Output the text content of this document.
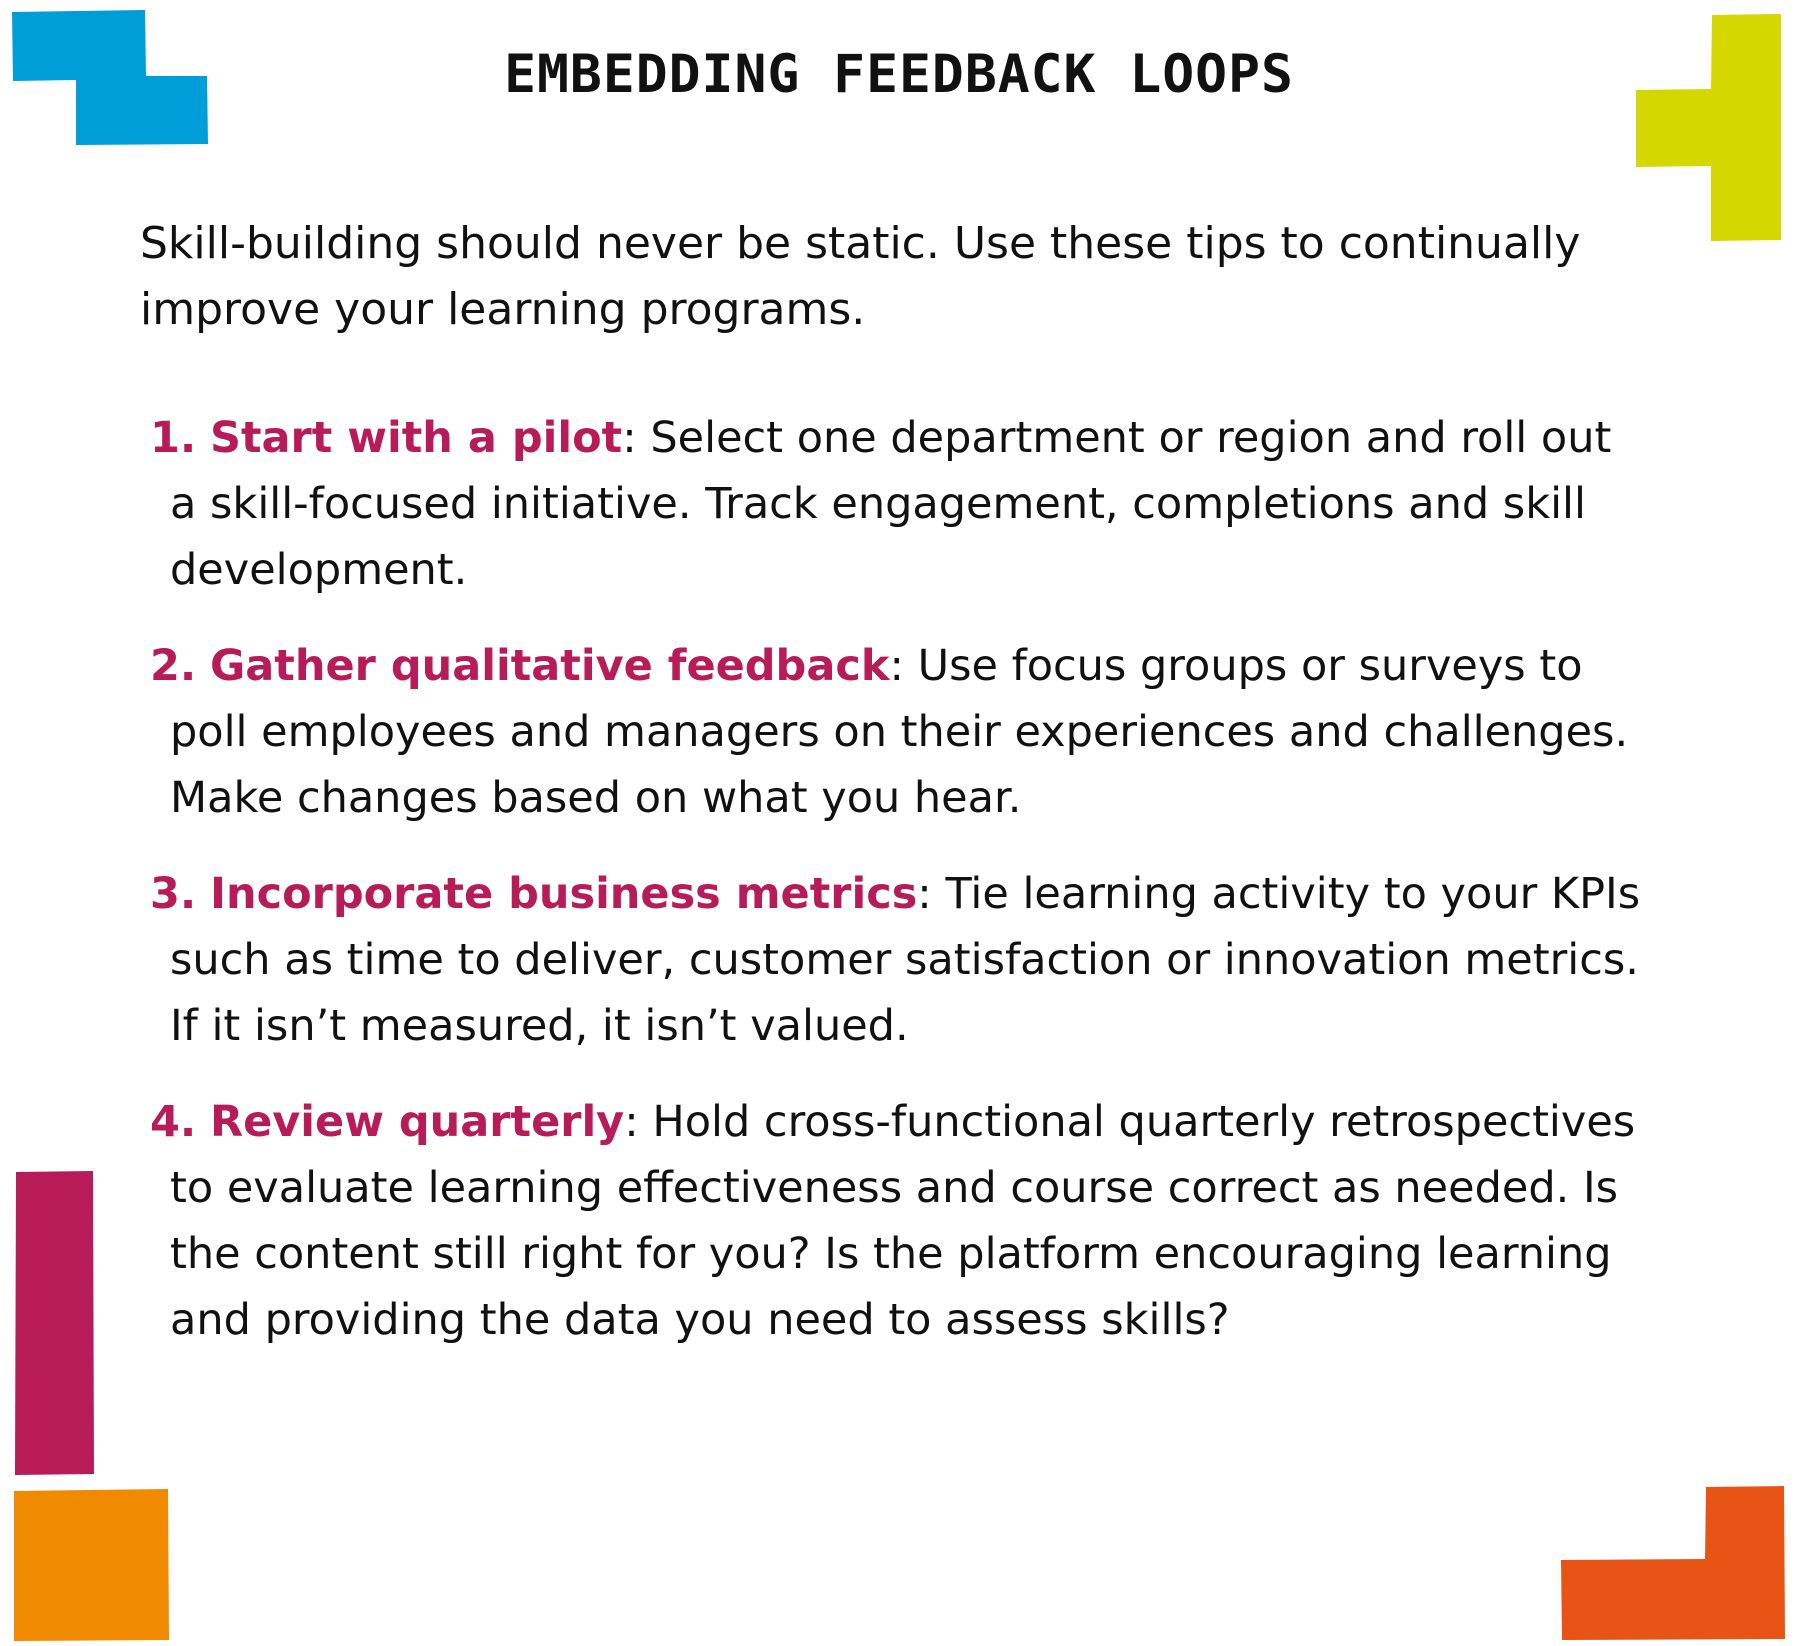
EMBEDDING FEEDBACK LOOPS

Skill-building should never be static. Use these tips to continually improve your learning programs.

1. Start with a pilot: Select one department or region and roll out a skill-focused initiative. Track engagement, completions and skill development.
2. Gather qualitative feedback: Use focus groups or surveys to poll employees and managers on their experiences and challenges. Make changes based on what you hear.
3. Incorporate business metrics: Tie learning activity to your KPIs such as time to deliver, customer satisfaction or innovation metrics. If it isn’t measured, it isn’t valued.
4. Review quarterly: Hold cross-functional quarterly retrospectives to evaluate learning effectiveness and course correct as needed. Is the content still right for you? Is the platform encouraging learning and providing the data you need to assess skills?
